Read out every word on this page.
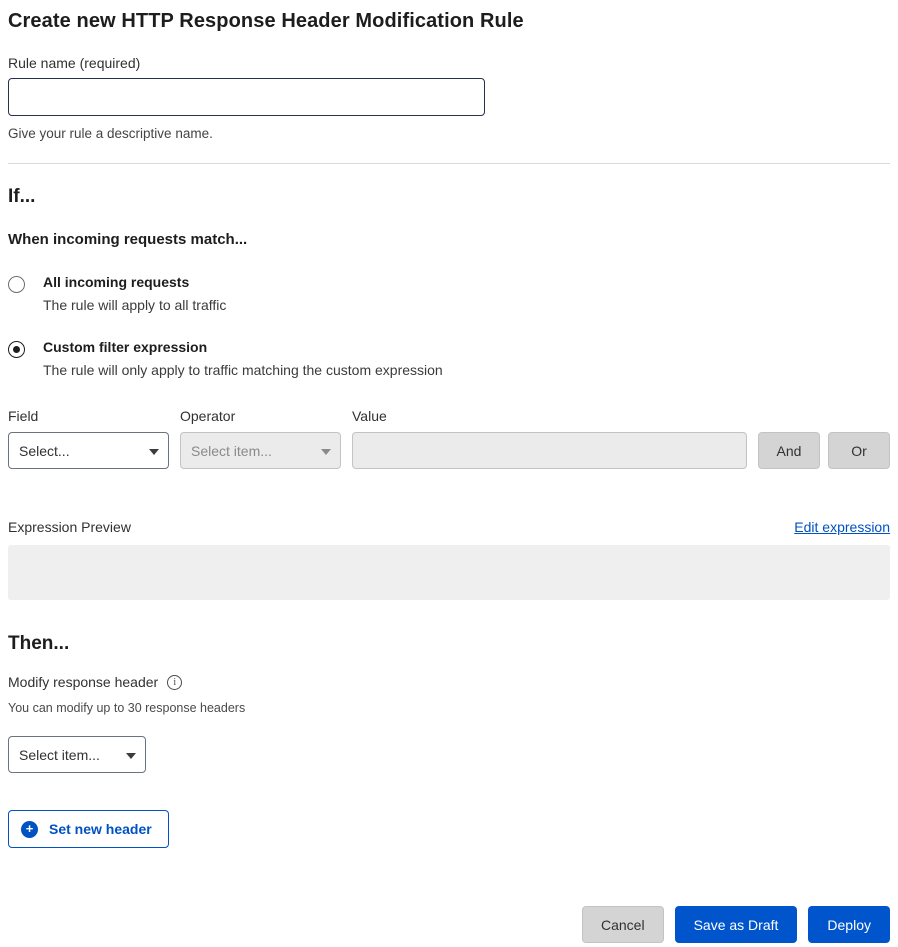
Create new HTTP Response Header Modification Rule
Rule name (required)
Give your rule a descriptive name.
If...
When incoming requests match...
All incoming requests
The rule will apply to all traffic
Custom filter expression
The rule will only apply to traffic matching the custom expression
Field
Select...
Operator
Select item...
Value
And	Or
Expression Preview	Edit expression
Then...
Modify response header	i
You can modify up to 30 response headers
Select item...
+	Set new header
Cancel	Save as Draft	Deploy
